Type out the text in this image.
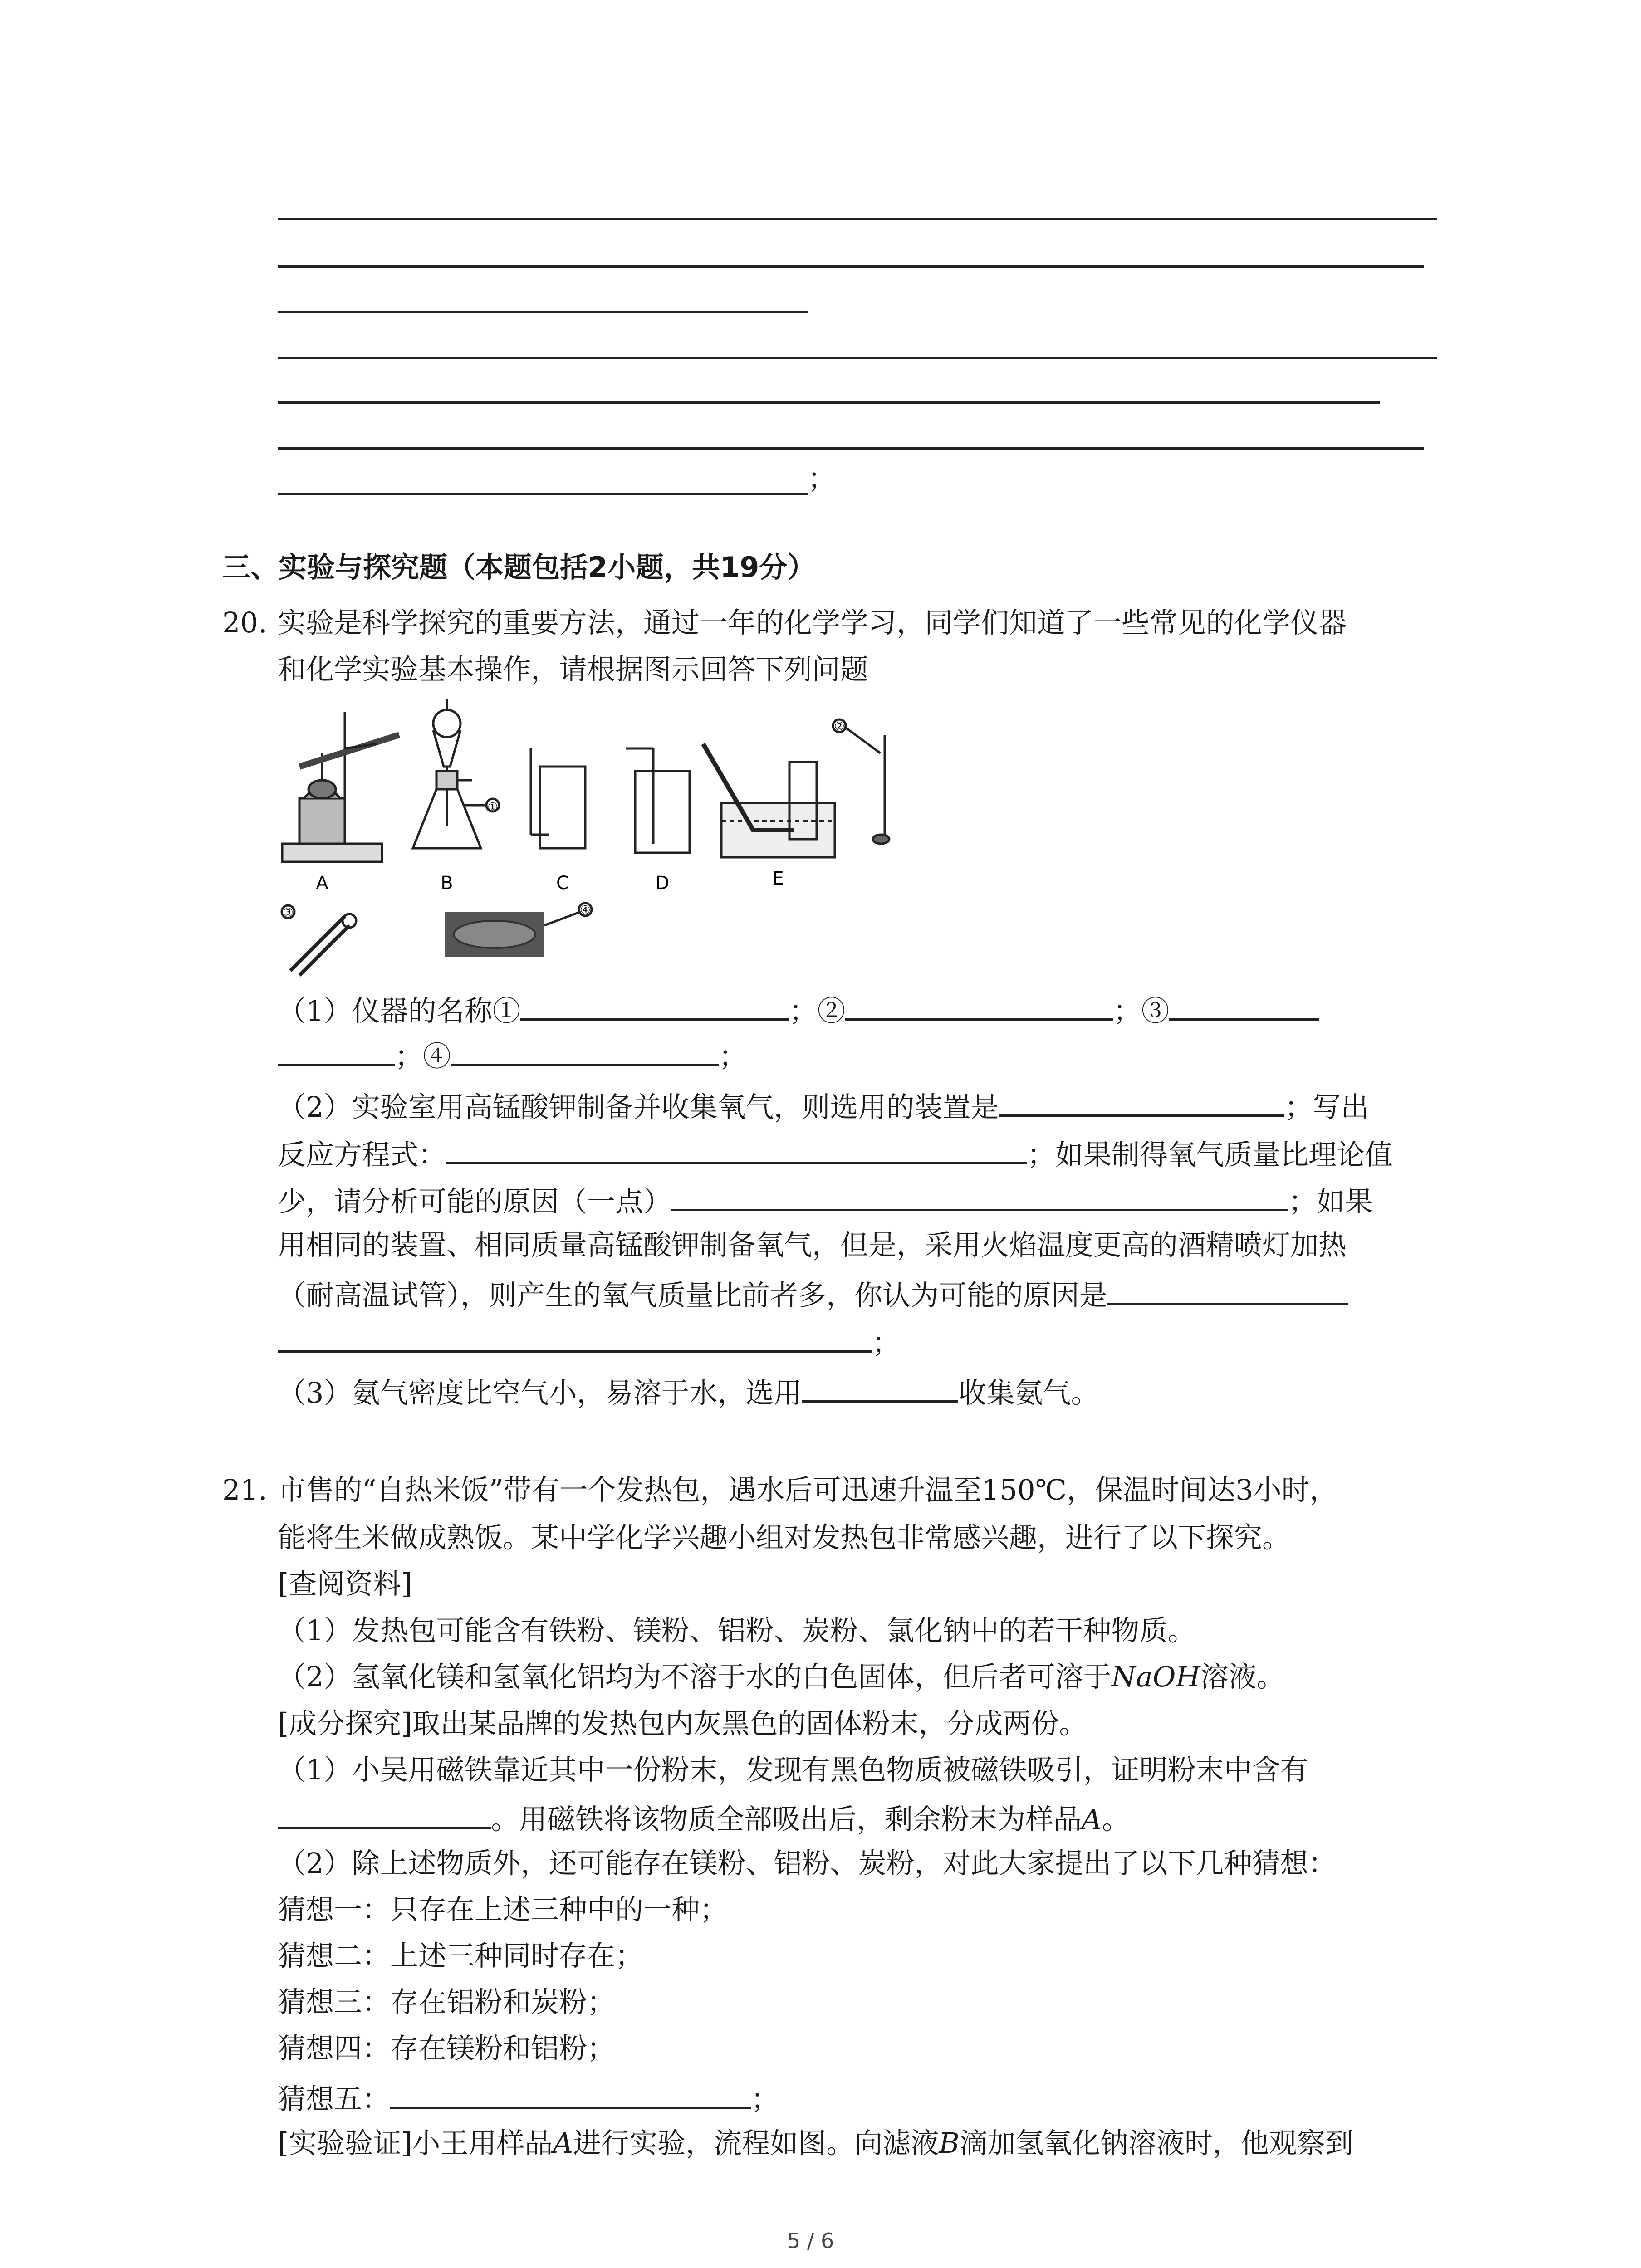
；
三、实验与探究题（本题包括2小题，共19分）
20. 实验是科学探究的重要方法，通过一年的化学学习，同学们知道了一些常见的化学仪器
和化学实验基本操作，请根据图示回答下列问题
A
①
B	C	D	E
②
③	④
（1）仪器的名称①	；②	；③
；④	；
（2）实验室用高锰酸钾制备并收集氧气，则选用的装置是	；写出
反应方程式：	；如果制得氧气质量比理论值
少，请分析可能的原因（一点）	；如果
用相同的装置、相同质量高锰酸钾制备氧气，但是，采用火焰温度更高的酒精喷灯加热
（耐高温试管），则产生的氧气质量比前者多，你认为可能的原因是
；
（3）氨气密度比空气小，易溶于水，选用	收集氨气。
21. 市售的“自热米饭”带有一个发热包，遇水后可迅速升温至150℃，保温时间达3小时，
能将生米做成熟饭。某中学化学兴趣小组对发热包非常感兴趣，进行了以下探究。
[查阅资料]
（1）发热包可能含有铁粉、镁粉、铝粉、炭粉、氯化钠中的若干种物质。
（2）氢氧化镁和氢氧化铝均为不溶于水的白色固体，但后者可溶于NaOH溶液。
[成分探究]取出某品牌的发热包内灰黑色的固体粉末，分成两份。
（1）小吴用磁铁靠近其中一份粉末，发现有黑色物质被磁铁吸引，证明粉末中含有
。用磁铁将该物质全部吸出后，剩余粉末为样品A。
（2）除上述物质外，还可能存在镁粉、铝粉、炭粉，对此大家提出了以下几种猜想：
猜想一：只存在上述三种中的一种；
猜想二：上述三种同时存在；
猜想三：存在铝粉和炭粉；
猜想四：存在镁粉和铝粉；
猜想五：	；
[实验验证]小王用样品A进行实验，流程如图。向滤液B滴加氢氧化钠溶液时，他观察到
5 / 6
